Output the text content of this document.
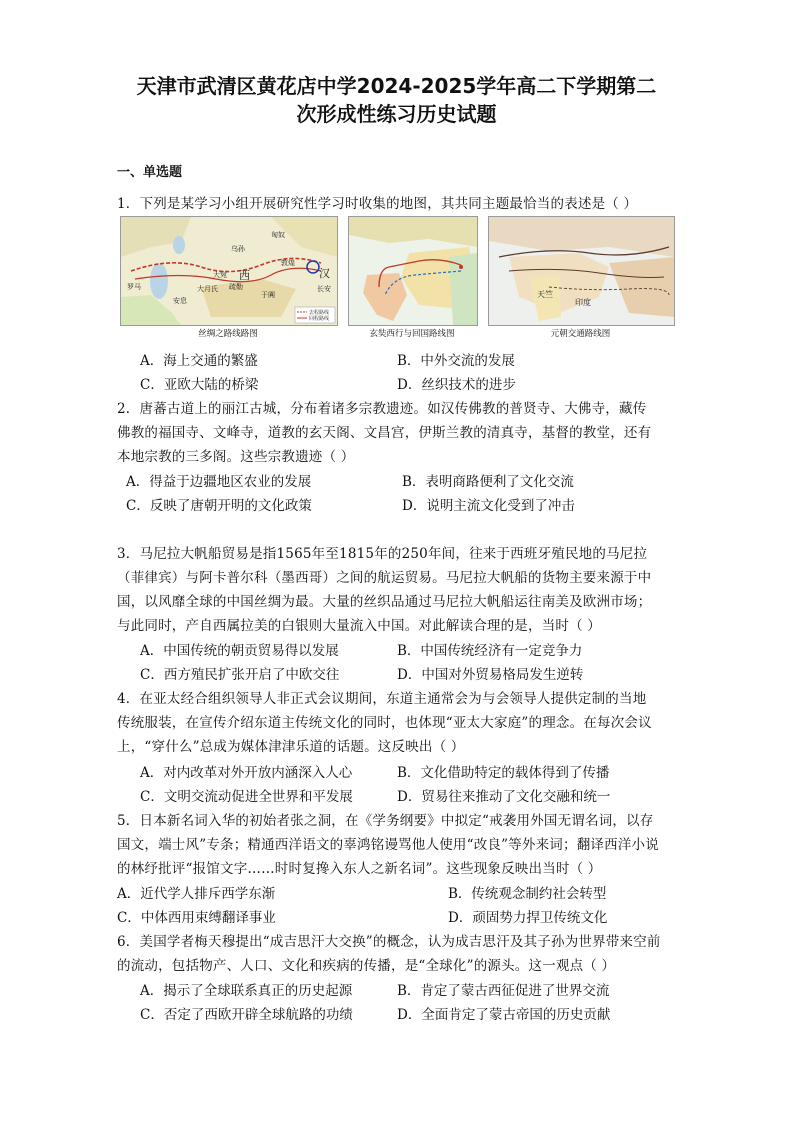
天津市武清区黄花店中学2024-2025学年高二下学期第二
次形成性练习历史试题
一、单选题
1．下列是某学习小组开展研究性学习时收集的地图，其共同主题最恰当的表述是（ ）
安息
大宛 西	汉
长安
敦煌
于阗
疏勒
大月氏
匈奴
乌孙
罗马
去程路线
回程路线
丝绸之路线路图	玄奘西行与回国路线图
天竺
印度
元朝交通路线图
A．海上交通的繁盛	B．中外交流的发展
C．亚欧大陆的桥梁	D．丝织技术的进步
2．唐蕃古道上的丽江古城，分布着诸多宗教遗迹。如汉传佛教的普贤寺、大佛寺，藏传
佛教的福国寺、文峰寺，道教的玄天阁、文昌宫，伊斯兰教的清真寺，基督的教堂，还有
本地宗教的三多阁。这些宗教遗迹（ ）
A．得益于边疆地区农业的发展	B．表明商路便利了文化交流
C．反映了唐朝开明的文化政策	D．说明主流文化受到了冲击
3．马尼拉大帆船贸易是指1565年至1815年的250年间，往来于西班牙殖民地的马尼拉
（菲律宾）与阿卡普尔科（墨西哥）之间的航运贸易。马尼拉大帆船的货物主要来源于中
国，以风靡全球的中国丝绸为最。大量的丝织品通过马尼拉大帆船运往南美及欧洲市场；
与此同时，产自西属拉美的白银则大量流入中国。对此解读合理的是，当时（ ）
A．中国传统的朝贡贸易得以发展	B．中国传统经济有一定竞争力
C．西方殖民扩张开启了中欧交往	D．中国对外贸易格局发生逆转
4．在亚太经合组织领导人非正式会议期间，东道主通常会为与会领导人提供定制的当地
传统服装，在宣传介绍东道主传统文化的同时，也体现“亚太大家庭”的理念。在每次会议
上，“穿什么”总成为媒体津津乐道的话题。这反映出（ ）
A．对内改革对外开放内涵深入人心	B．文化借助特定的载体得到了传播
C．文明交流动促进全世界和平发展	D．贸易往来推动了文化交融和统一
5．日本新名词入华的初始者张之洞，在《学务纲要》中拟定“戒袭用外国无谓名词，以存
国文，端士风”专条；精通西洋语文的辜鸿铭谩骂他人使用“改良”等外来词；翻译西洋小说
的林纾批评“报馆文字……时时复搀入东人之新名词”。这些现象反映出当时（ ）
A．近代学人排斥西学东渐	B．传统观念制约社会转型
C．中体西用束缚翻译事业	D．顽固势力捍卫传统文化
6．美国学者梅天穆提出“成吉思汗大交换”的概念，认为成吉思汗及其子孙为世界带来空前
的流动，包括物产、人口、文化和疾病的传播，是“全球化”的源头。这一观点（ ）
A．揭示了全球联系真正的历史起源	B．肯定了蒙古西征促进了世界交流
C．否定了西欧开辟全球航路的功绩	D．全面肯定了蒙古帝国的历史贡献
